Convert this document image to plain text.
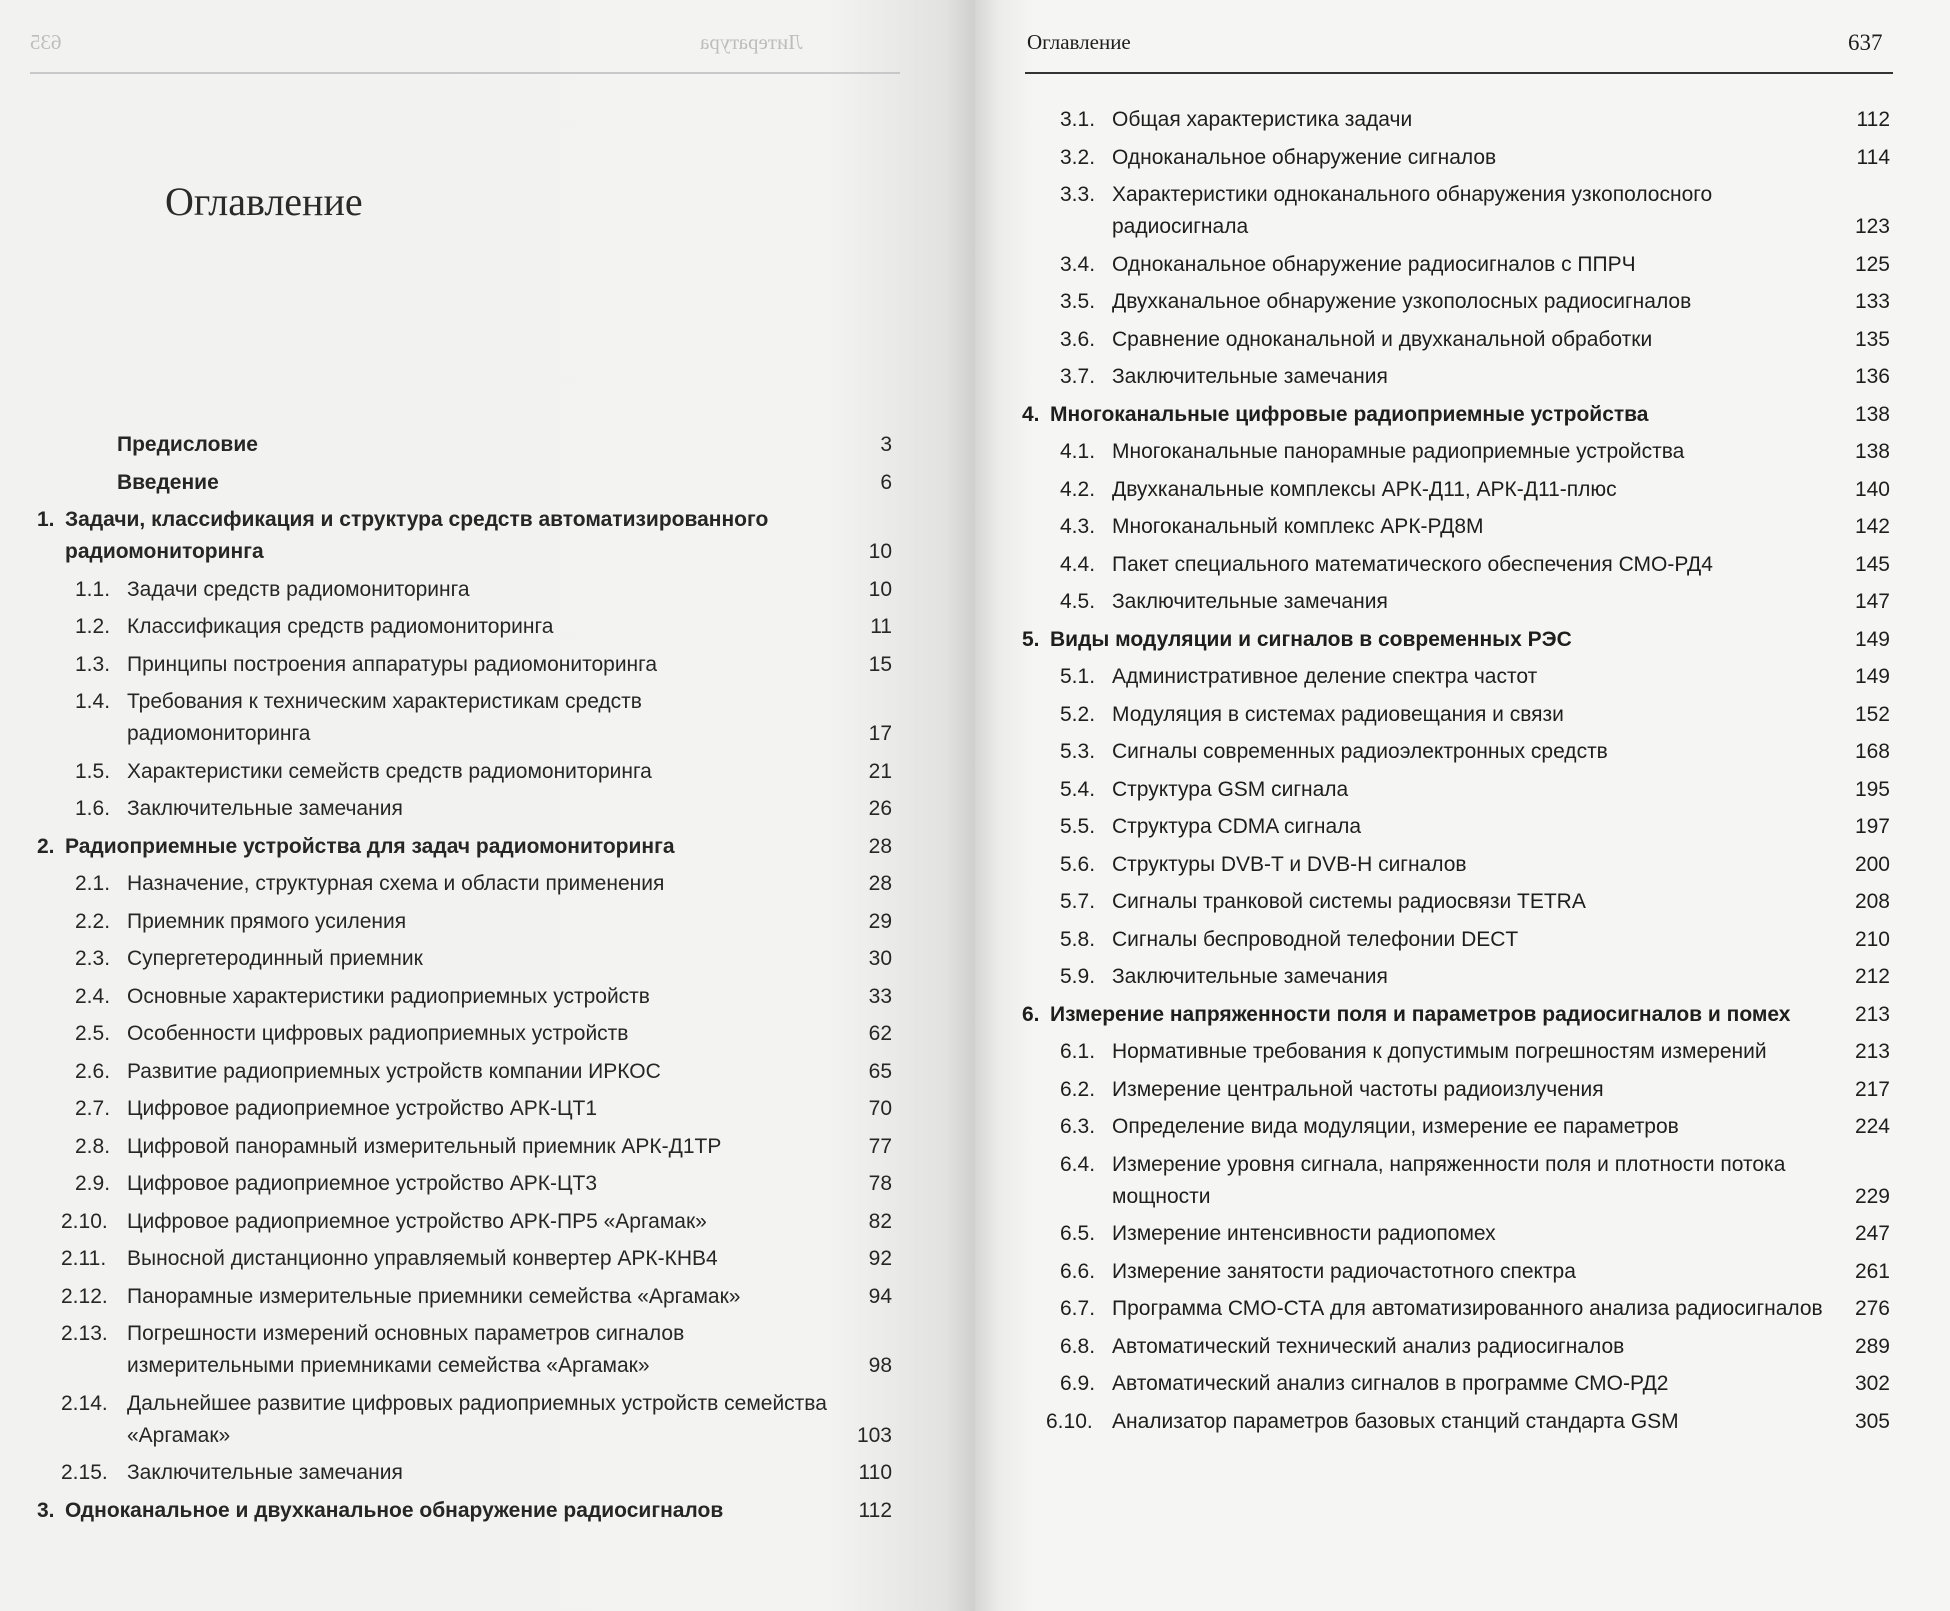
Литература
635
Оглавление
Предисловие	3
Введение	6
1. Задачи, классификация и структура средств автоматизированного радиомониторинга	10
1.1. Задачи средств радиомониторинга	10
1.2. Классификация средств радиомониторинга	11
1.3. Принципы построения аппаратуры радиомониторинга	15
1.4. Требования к техническим характеристикам средств радиомониторинга	17
1.5. Характеристики семейств средств радиомониторинга	21
1.6. Заключительные замечания	26
2. Радиоприемные устройства для задач радиомониторинга	28
2.1. Назначение, структурная схема и области применения	28
2.2. Приемник прямого усиления	29
2.3. Супергетеродинный приемник	30
2.4. Основные характеристики радиоприемных устройств	33
2.5. Особенности цифровых радиоприемных устройств	62
2.6. Развитие радиоприемных устройств компании ИРКОС	65
2.7. Цифровое радиоприемное устройство АРК-ЦТ1	70
2.8. Цифровой панорамный измерительный приемник АРК-Д1ТР	77
2.9. Цифровое радиоприемное устройство АРК-ЦТ3	78
2.10. Цифровое радиоприемное устройство АРК-ПР5 «Аргамак»	82
2.11. Выносной дистанционно управляемый конвертер АРК-КНВ4	92
2.12. Панорамные измерительные приемники семейства «Аргамак»	94
2.13. Погрешности измерений основных параметров сигналов измерительными приемниками семейства «Аргамак»	98
2.14. Дальнейшее развитие цифровых радиоприемных устройств семейства «Аргамак»	103
2.15. Заключительные замечания	110
3. Одноканальное и двухканальное обнаружение радиосигналов	112
Оглавление	637
3.1. Общая характеристика задачи	112
3.2. Одноканальное обнаружение сигналов	114
3.3. Характеристики одноканального обнаружения узкополосного радиосигнала	123
3.4. Одноканальное обнаружение радиосигналов с ППРЧ	125
3.5. Двухканальное обнаружение узкополосных радиосигналов	133
3.6. Сравнение одноканальной и двухканальной обработки	135
3.7. Заключительные замечания	136
4. Многоканальные цифровые радиоприемные устройства	138
4.1. Многоканальные панорамные радиоприемные устройства	138
4.2. Двухканальные комплексы АРК-Д11, АРК-Д11-плюс	140
4.3. Многоканальный комплекс АРК-РД8М	142
4.4. Пакет специального математического обеспечения СМО-РД4	145
4.5. Заключительные замечания	147
5. Виды модуляции и сигналов в современных РЭС	149
5.1. Административное деление спектра частот	149
5.2. Модуляция в системах радиовещания и связи	152
5.3. Сигналы современных радиоэлектронных средств	168
5.4. Структура GSM сигнала	195
5.5. Структура CDMA сигнала	197
5.6. Структуры DVB-T и DVB-H сигналов	200
5.7. Сигналы транковой системы радиосвязи TETRA	208
5.8. Сигналы беспроводной телефонии DECT	210
5.9. Заключительные замечания	212
6. Измерение напряженности поля и параметров радиосигналов и помех	213
6.1. Нормативные требования к допустимым погрешностям измерений	213
6.2. Измерение центральной частоты радиоизлучения	217
6.3. Определение вида модуляции, измерение ее параметров	224
6.4. Измерение уровня сигнала, напряженности поля и плотности потока мощности	229
6.5. Измерение интенсивности радиопомех	247
6.6. Измерение занятости радиочастотного спектра	261
6.7. Программа СМО-СТА для автоматизированного анализа радиосигналов	276
6.8. Автоматический технический анализ радиосигналов	289
6.9. Автоматический анализ сигналов в программе СМО-РД2	302
6.10. Анализатор параметров базовых станций стандарта GSM	305
